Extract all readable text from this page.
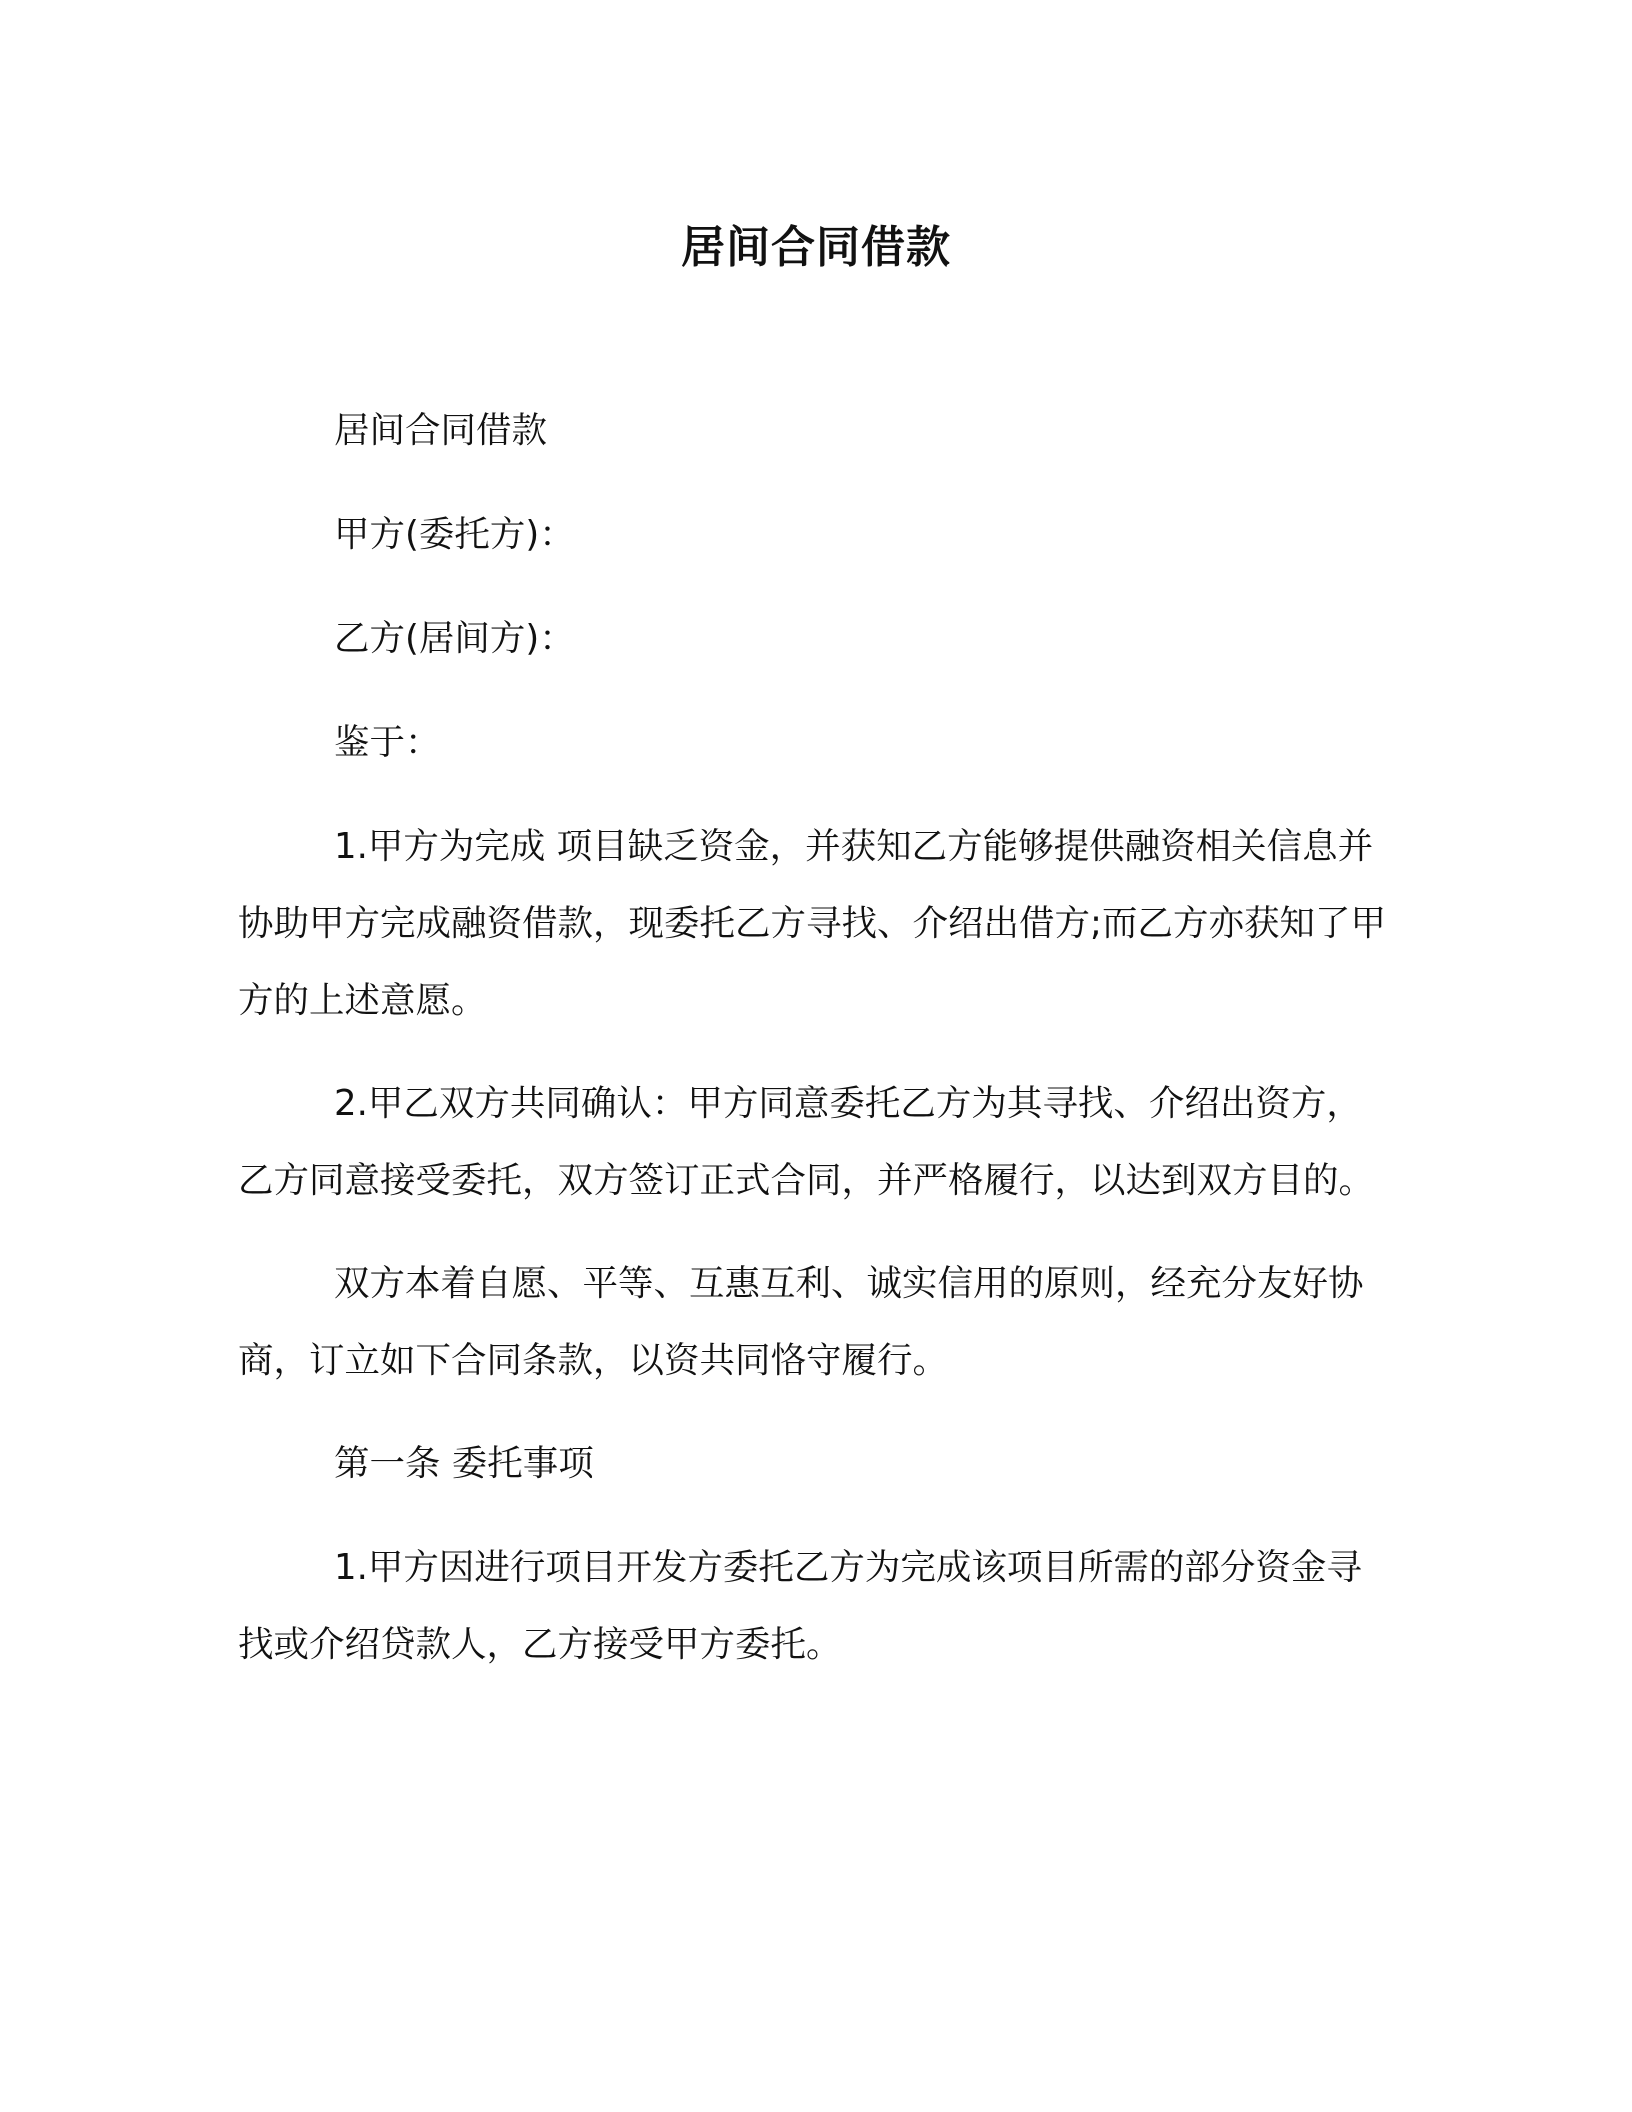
居间合同借款

居间合同借款

甲方(委托方)：

乙方(居间方)：

鉴于：

1.甲方为完成 项目缺乏资金，并获知乙方能够提供融资相关信息并协助甲方完成融资借款，现委托乙方寻找、介绍出借方;而乙方亦获知了甲方的上述意愿。

2.甲乙双方共同确认：甲方同意委托乙方为其寻找、介绍出资方，乙方同意接受委托，双方签订正式合同，并严格履行，以达到双方目的。

双方本着自愿、平等、互惠互利、诚实信用的原则，经充分友好协商，订立如下合同条款，以资共同恪守履行。

第一条 委托事项

1.甲方因进行项目开发方委托乙方为完成该项目所需的部分资金寻找或介绍贷款人，乙方接受甲方委托。
